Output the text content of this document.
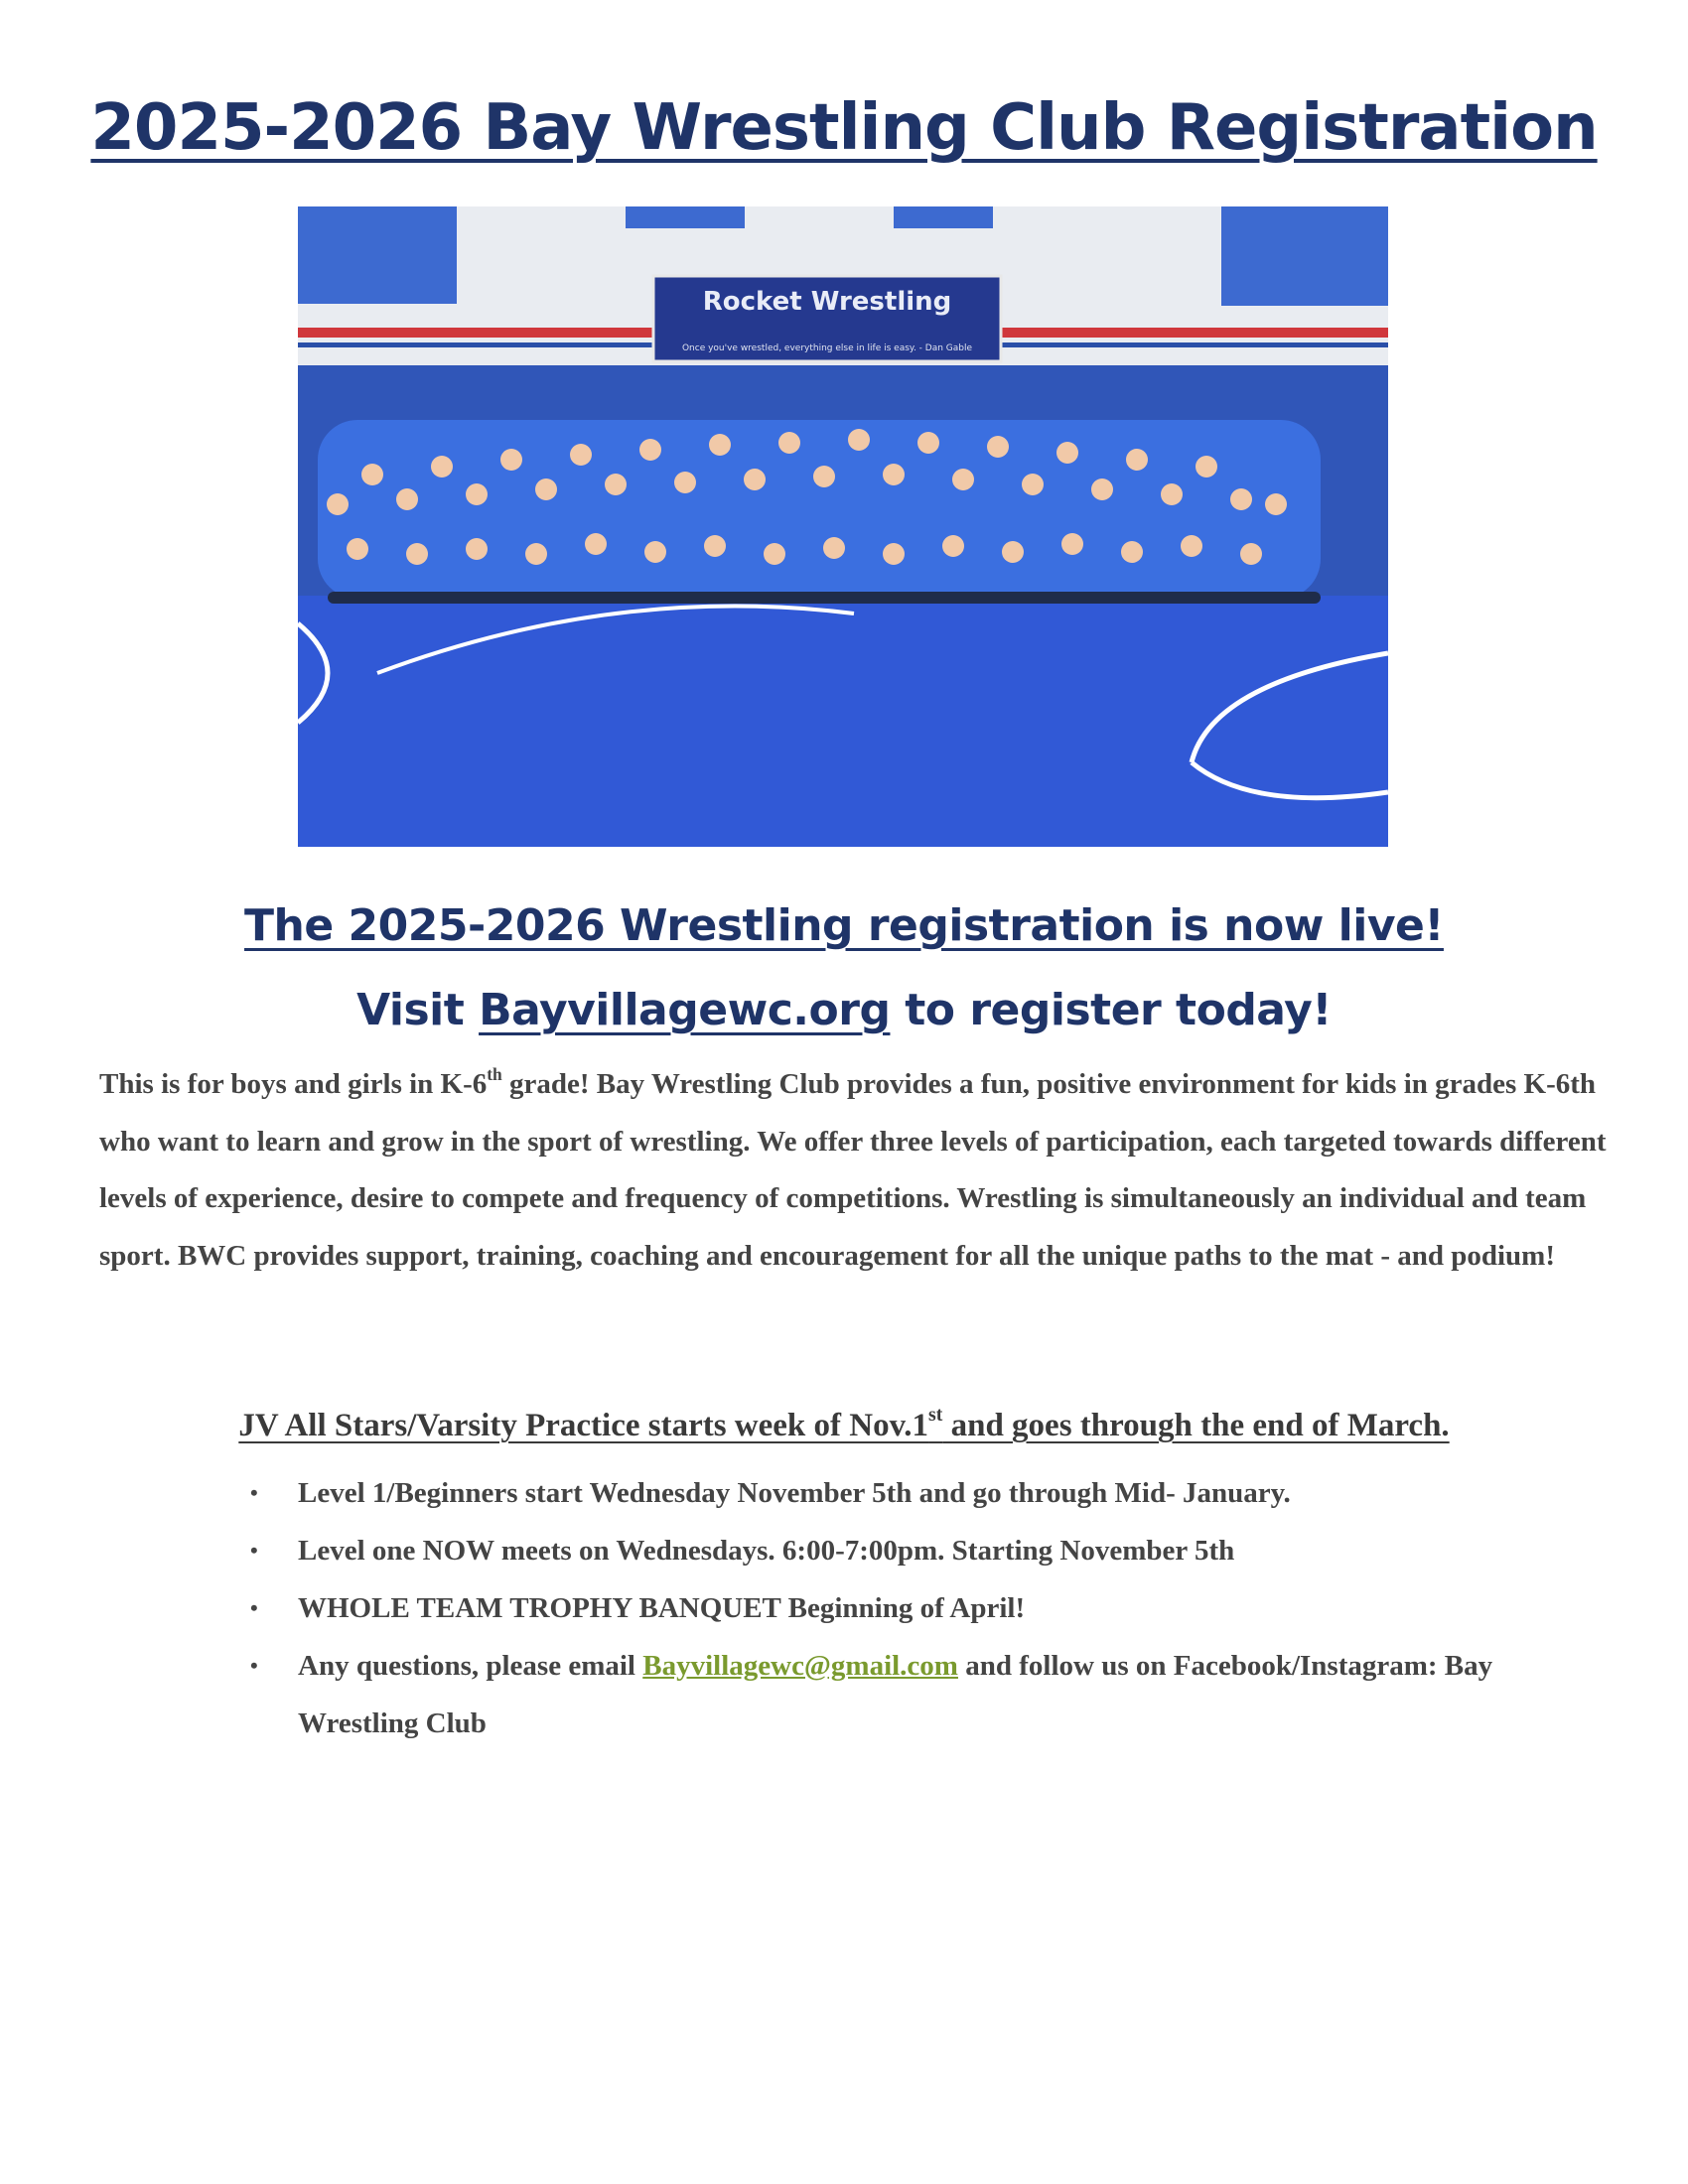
2025-2026 Bay Wrestling Club Registration
Rocket Wrestling
Once you've wrestled, everything else in life is easy. - Dan Gable

The 2025-2026 Wrestling registration is now live!

Visit Bayvillagewc.org to register today!

This is for boys and girls in K-6th grade! Bay Wrestling Club provides a fun, positive environment for kids in grades K-6th who want to learn and grow in the sport of wrestling. We offer three levels of participation, each targeted towards different levels of experience, desire to compete and frequency of competitions. Wrestling is simultaneously an individual and team sport. BWC provides support, training, coaching and encouragement for all the unique paths to the mat - and podium!

JV All Stars/Varsity Practice starts week of Nov.1st and goes through the end of March.

• Level 1/Beginners start Wednesday November 5th and go through Mid- January.
• Level one NOW meets on Wednesdays. 6:00-7:00pm. Starting November 5th
• WHOLE TEAM TROPHY BANQUET Beginning of April!
• Any questions, please email Bayvillagewc@gmail.com and follow us on Facebook/Instagram: Bay Wrestling Club
